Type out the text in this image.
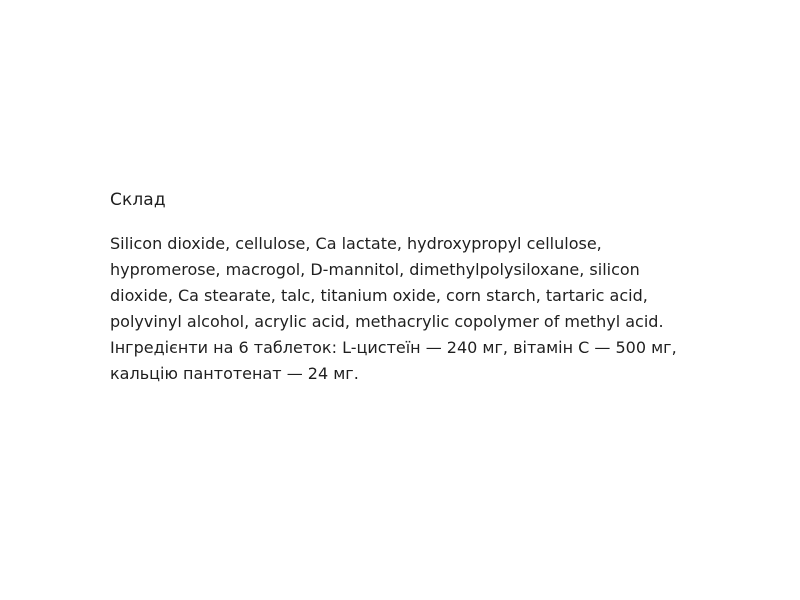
Склад

Silicon dioxide, cellulose, Ca lactate, hydroxypropyl cellulose, hypromerose, macrogol, D-mannitol, dimethylpolysiloxane, silicon dioxide, Ca stearate, talc, titanium oxide, corn starch, tartaric acid, polyvinyl alcohol, acrylic acid, methacrylic copolymer of methyl acid.

Інгредієнти на 6 таблеток: L-цистеїн — 240 мг, вітамін С — 500 мг, кальцію пантотенат — 24 мг.
